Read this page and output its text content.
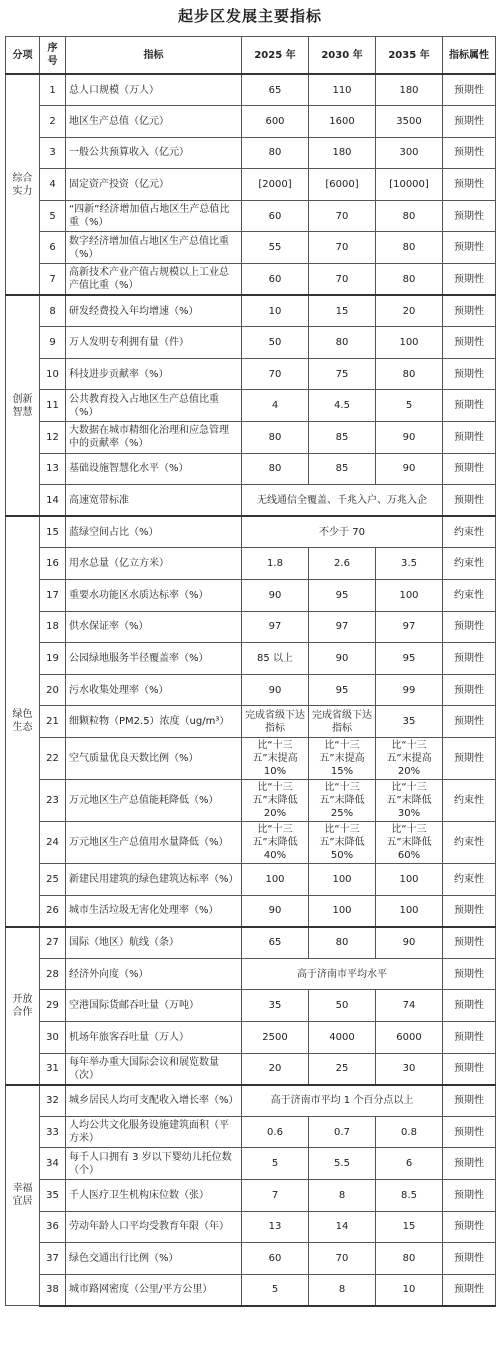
起步区发展主要指标
分项	序号	指标	2025 年	2030 年	2035 年	指标属性
综合实力	1	总人口规模（万人）	65	110	180	预期性
	2	地区生产总值（亿元）	600	1600	3500	预期性
	3	一般公共预算收入（亿元）	80	180	300	预期性
	4	固定资产投资（亿元）	[2000]	[6000]	[10000]	预期性
	5	“四新”经济增加值占地区生产总值比重（%）	60	70	80	预期性
	6	数字经济增加值占地区生产总值比重（%）	55	70	80	预期性
	7	高新技术产业产值占规模以上工业总产值比重（%）	60	70	80	预期性
创新智慧	8	研发经费投入年均增速（%）	10	15	20	预期性
	9	万人发明专利拥有量（件）	50	80	100	预期性
	10	科技进步贡献率（%）	70	75	80	预期性
	11	公共教育投入占地区生产总值比重（%）	4	4.5	5	预期性
	12	大数据在城市精细化治理和应急管理中的贡献率（%）	80	85	90	预期性
	13	基础设施智慧化水平（%）	80	85	90	预期性
	14	高速宽带标准	无线通信全覆盖、千兆入户、万兆入企			预期性
绿色生态	15	蓝绿空间占比（%）	不少于 70			约束性
	16	用水总量（亿立方米）	1.8	2.6	3.5	约束性
	17	重要水功能区水质达标率（%）	90	95	100	约束性
	18	供水保证率（%）	97	97	97	预期性
	19	公园绿地服务半径覆盖率（%）	85 以上	90	95	预期性
	20	污水收集处理率（%）	90	95	99	预期性
	21	细颗粒物（PM2.5）浓度（ug/m³）	完成省级下达指标	完成省级下达指标	35	预期性
	22	空气质量优良天数比例（%）	比“十三五”末提高 10%	比“十三五”末提高 15%	比“十三五”末提高 20%	预期性
	23	万元地区生产总值能耗降低（%）	比“十三五”末降低 20%	比“十三五”末降低 25%	比“十三五”末降低 30%	约束性
	24	万元地区生产总值用水量降低（%）	比“十三五”末降低 40%	比“十三五”末降低 50%	比“十三五”末降低 60%	约束性
	25	新建民用建筑的绿色建筑达标率（%）	100	100	100	约束性
	26	城市生活垃圾无害化处理率（%）	90	100	100	预期性
开放合作	27	国际（地区）航线（条）	65	80	90	预期性
	28	经济外向度（%）	高于济南市平均水平			预期性
	29	空港国际货邮吞吐量（万吨）	35	50	74	预期性
	30	机场年旅客吞吐量（万人）	2500	4000	6000	预期性
	31	每年举办重大国际会议和展览数量（次）	20	25	30	预期性
幸福宜居	32	城乡居民人均可支配收入增长率（%）	高于济南市平均 1 个百分点以上			预期性
	33	人均公共文化服务设施建筑面积（平方米）	0.6	0.7	0.8	预期性
	34	每千人口拥有 3 岁以下婴幼儿托位数（个）	5	5.5	6	预期性
	35	千人医疗卫生机构床位数（张）	7	8	8.5	预期性
	36	劳动年龄人口平均受教育年限（年）	13	14	15	预期性
	37	绿色交通出行比例（%）	60	70	80	预期性
	38	城市路网密度（公里/平方公里）	5	8	10	预期性
